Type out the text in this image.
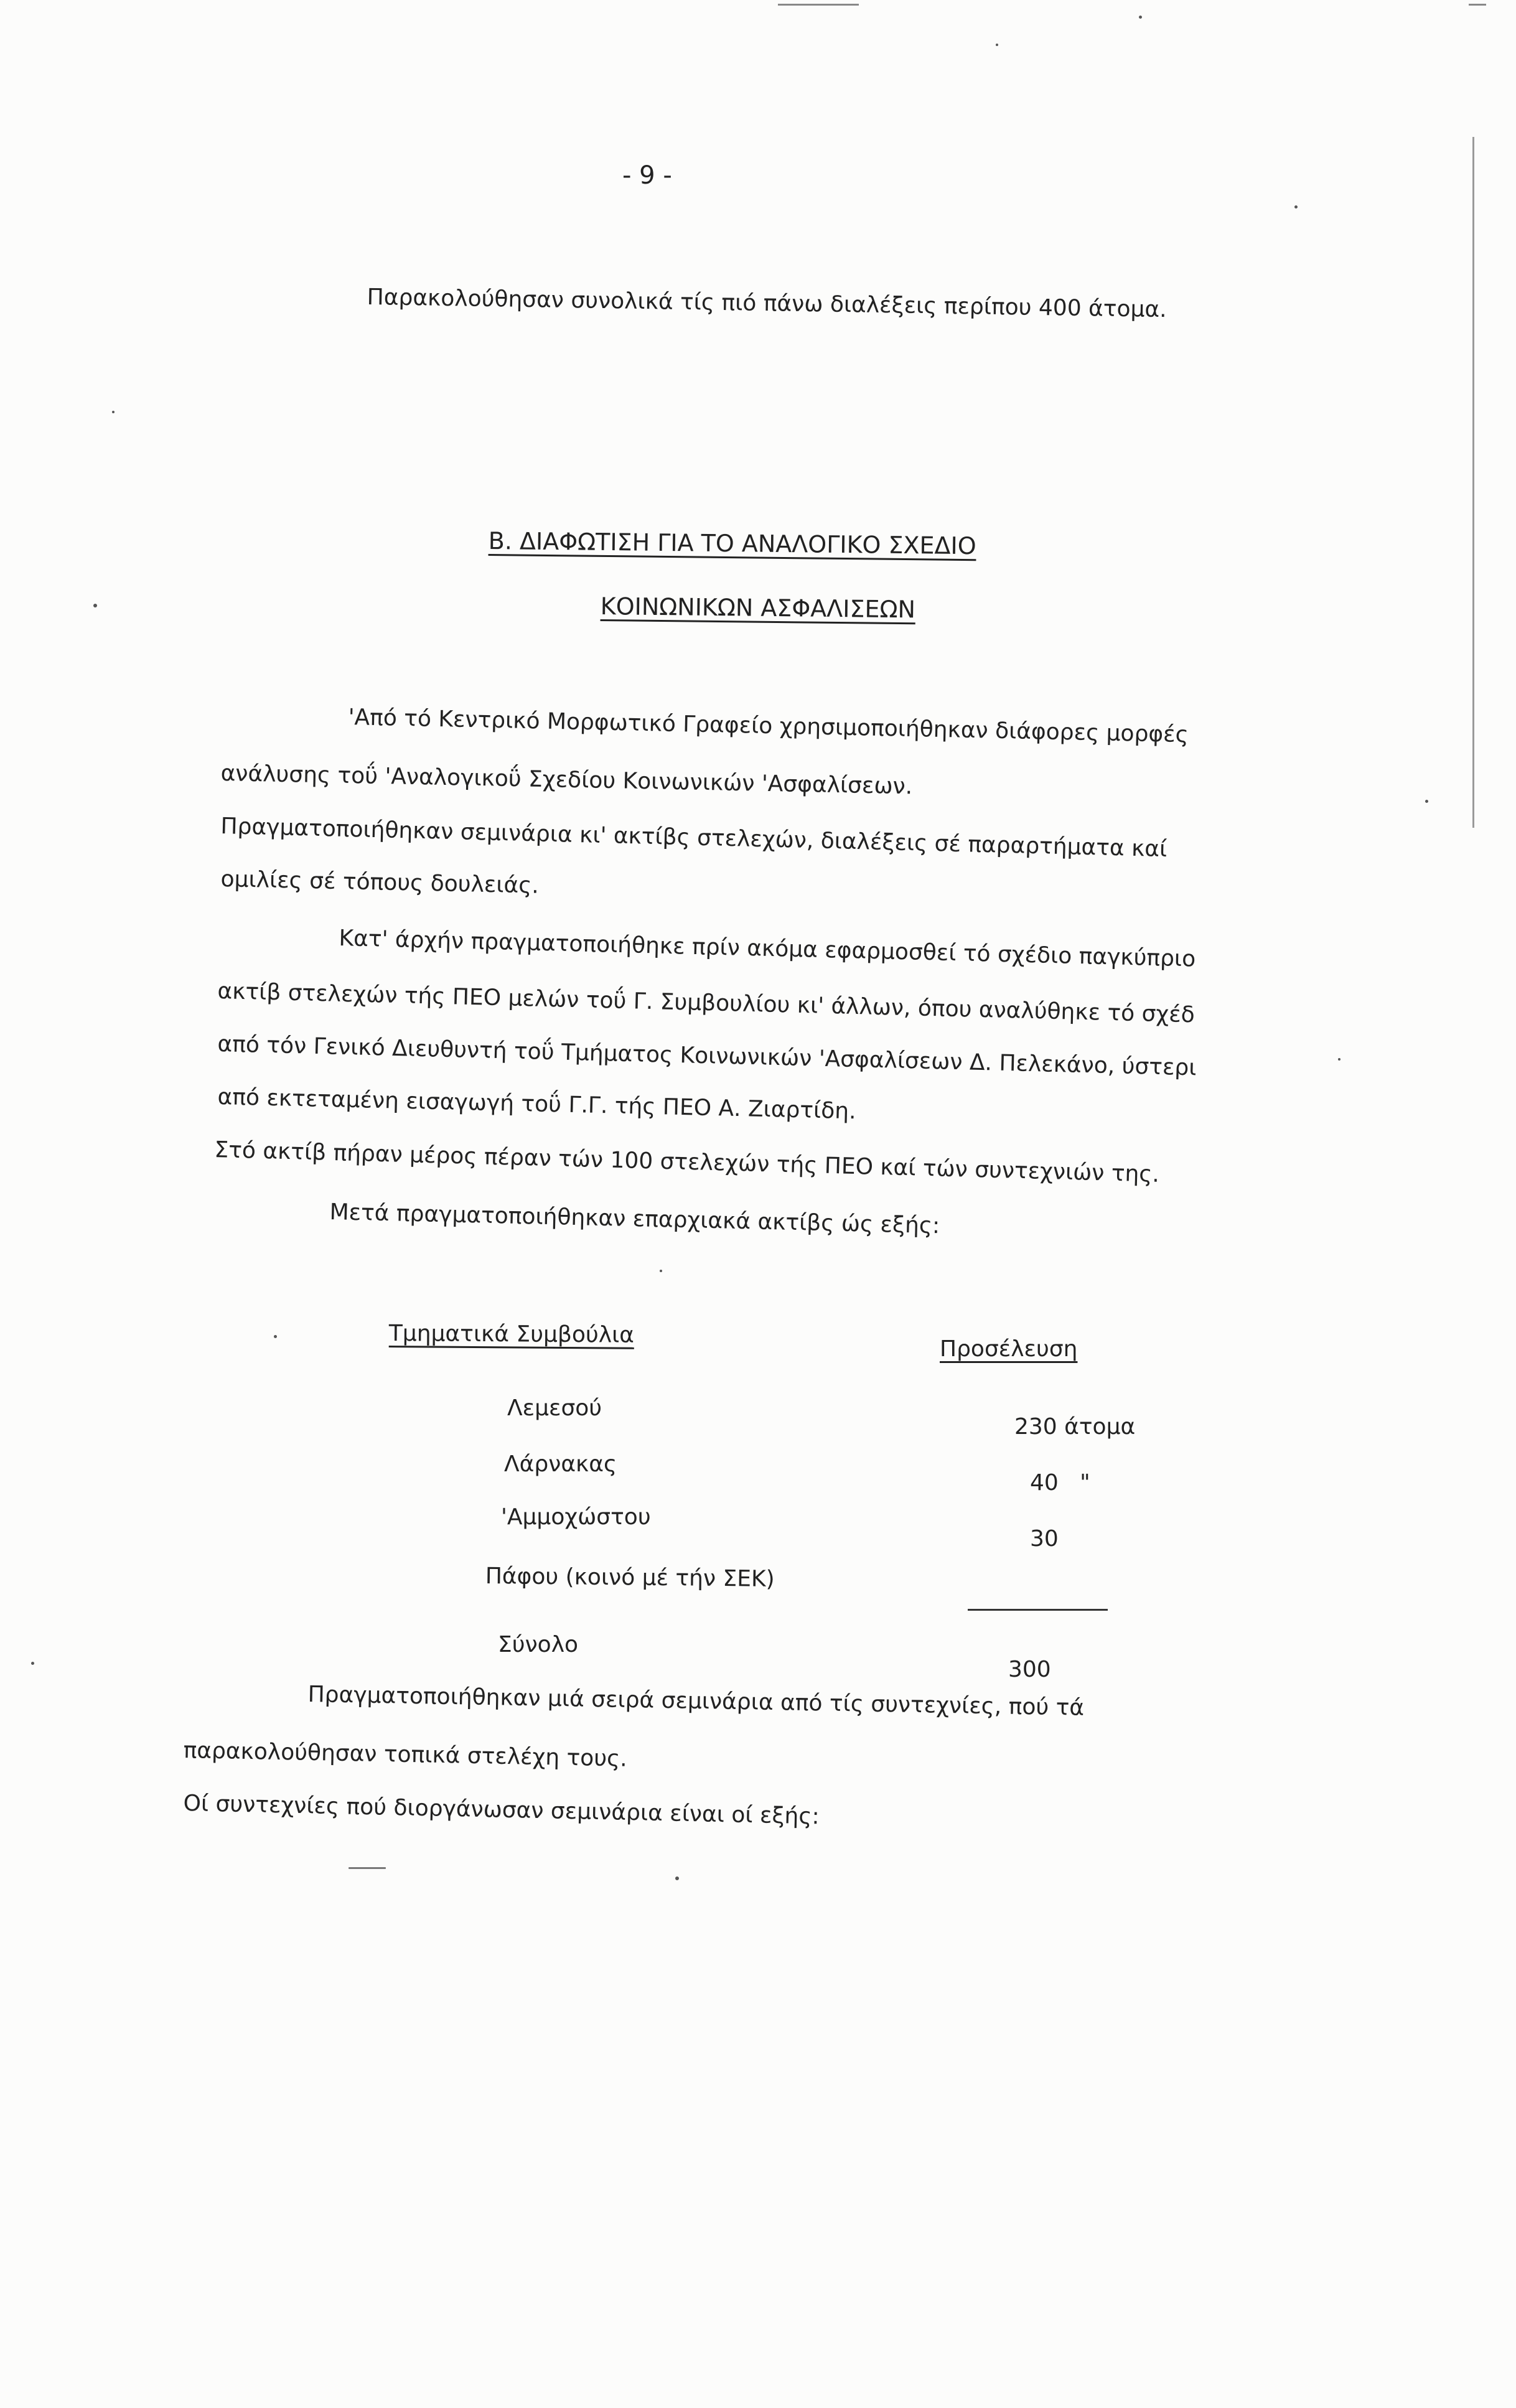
- 9 -
Παρακολούθησαν συνολικά τίς πιό πάνω διαλέξεις περίπου 400 άτομα.
Β. ΔΙΑΦΩΤΙΣΗ ΓΙΑ ΤΟ ΑΝΑΛΟΓΙΚΟ ΣΧΕΔΙΟ
ΚΟΙΝΩΝΙΚΩΝ ΑΣΦΑΛΙΣΕΩΝ
'Από τό Κεντρικό Μορφωτικό Γραφείο χρησιμοποιήθηκαν διάφορες μορφές
ανάλυσης τοΰ 'Αναλογικοΰ Σχεδίου Κοινωνικών 'Ασφαλίσεων.
Πραγματοποιήθηκαν σεμινάρια κι' ακτίβς στελεχών, διαλέξεις σέ παραρτήματα καί
ομιλίες σέ τόπους δουλειάς.
Κατ' άρχήν πραγματοποιήθηκε πρίν ακόμα εφαρμοσθεί τό σχέδιο παγκύπριο
ακτίβ στελεχών τής ΠΕΟ μελών τοΰ Γ. Συμβουλίου κι' άλλων, όπου αναλύθηκε τό σχέδ
από τόν Γενικό Διευθυντή τοΰ Τμήματος Κοινωνικών 'Ασφαλίσεων Δ. Πελεκάνο, ύστερι
από εκτεταμένη εισαγωγή τοΰ Γ.Γ. τής ΠΕΟ Α. Ζιαρτίδη.
Στό ακτίβ πήραν μέρος πέραν τών 100 στελεχών τής ΠΕΟ καί τών συντεχνιών της.
Μετά πραγματοποιήθηκαν επαρχιακά ακτίβς ώς εξής:
Τμηματικά Συμβούλια
Προσέλευση
Λεμεσού
230 άτομα
Λάρνακας
40   "
'Αμμοχώστου
30
Πάφου (κοινό μέ τήν ΣΕΚ)
Σύνολο
300
Πραγματοποιήθηκαν μιά σειρά σεμινάρια από τίς συντεχνίες, πού τά
παρακολούθησαν τοπικά στελέχη τους.
Οί συντεχνίες πού διοργάνωσαν σεμινάρια είναι οί εξής:
